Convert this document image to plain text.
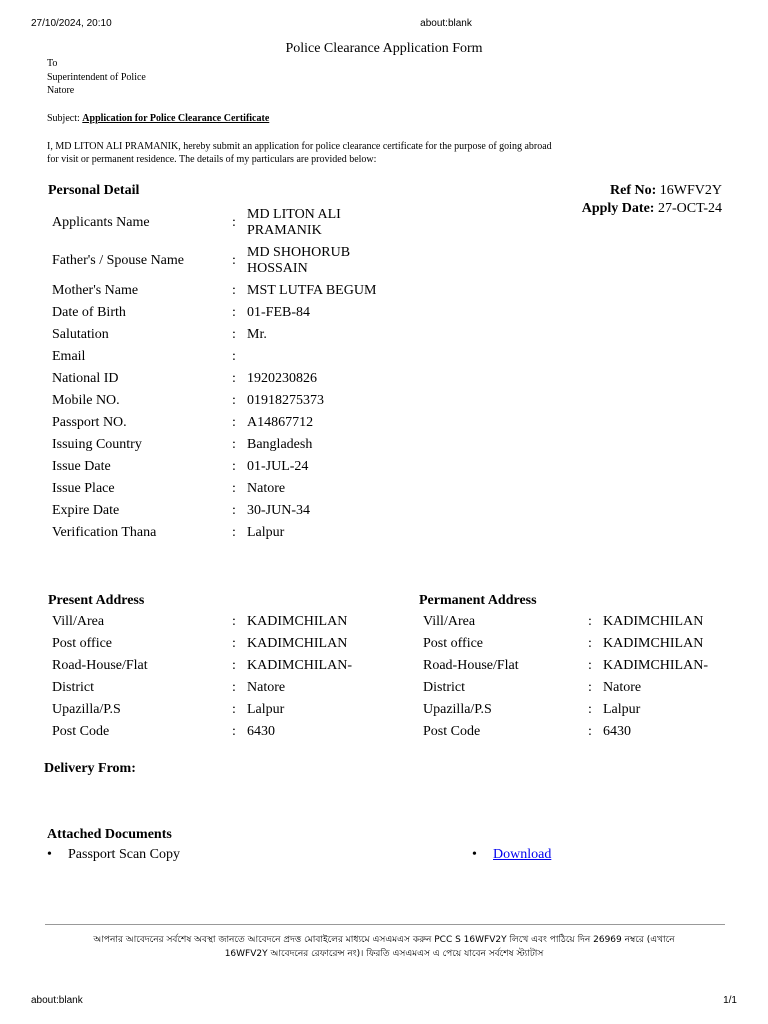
27/10/2024, 20:10	about:blank
Police Clearance Application Form
To
Superintendent of Police
Natore
Subject: Application for Police Clearance Certificate
I, MD LITON ALI PRAMANIK, hereby submit an application for police clearance certificate for the purpose of going abroad
for visit or permanent residence. The details of my particulars are provided below:
Personal Detail	Ref No: 16WFV2Y
Apply Date: 27-OCT-24
Applicants Name	:
MD LITON ALI PRAMANIK
Father's / Spouse Name	:
MD SHOHORUB HOSSAIN
Mother's Name	: MST LUTFA BEGUM
Date of Birth	: 01-FEB-84
Salutation	: Mr.
Email	:
National ID	: 1920230826
Mobile NO.	: 01918275373
Passport NO.	: A14867712
Issuing Country	: Bangladesh
Issue Date	: 01-JUL-24
Issue Place	: Natore
Expire Date	: 30-JUN-34
Verification Thana	: Lalpur
Present Address
Vill/Area	: KADIMCHILAN
Post office	: KADIMCHILAN
Road-House/Flat	: KADIMCHILAN-
District	: Natore
Upazilla/P.S	: Lalpur
Post Code	: 6430
Permanent Address
Vill/Area	: KADIMCHILAN
Post office	: KADIMCHILAN
Road-House/Flat	: KADIMCHILAN-
District	: Natore
Upazilla/P.S	: Lalpur
Post Code	: 6430
Delivery From:
Attached Documents
• Passport Scan Copy	• Download
আপনার আবেদনের সর্বশেষ অবস্থা জানতে আবেদনে প্রদত্ত মোবাইলের মাধ্যমে এসএমএস করুন PCC S 16WFV2Y লিখে এবং পাঠিয়ে দিন 26969 নম্বরে (এখানে
16WFV2Y আবেদনের রেফারেন্স নং)। ফিরতি এসএমএস এ পেয়ে যাবেন সর্বশেষ স্ট্যাটাস
about:blank	1/1
